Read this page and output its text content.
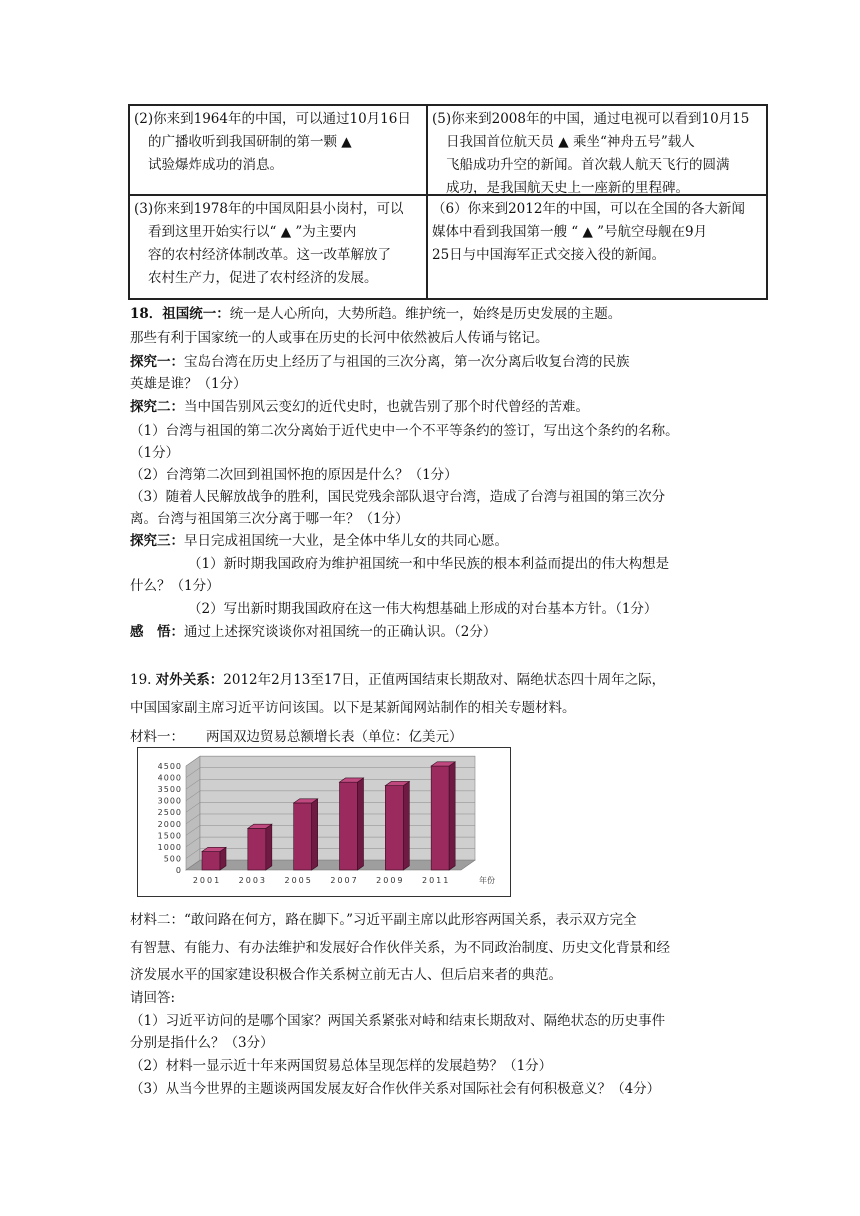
(2)你来到1964年的中国，可以通过10月16日

的广播收听到我国研制的第一颗 ▲

试验爆炸成功的消息。

(5)你来到2008年的中国，通过电视可以看到10月15

日我国首位航天员 ▲ 乘坐“神舟五号”载人

飞船成功升空的新闻。首次载人航天飞行的圆满

成功，是我国航天史上一座新的里程碑。

(3)你来到1978年的中国凤阳县小岗村，可以

看到这里开始实行以“ ▲ ”为主要内

容的农村经济体制改革。这一改革解放了

农村生产力，促进了农村经济的发展。

（6）你来到2012年的中国，可以在全国的各大新闻

媒体中看到我国第一艘 “ ▲ ”号航空母舰在9月

25日与中国海军正式交接入役的新闻。

18．祖国统一：统一是人心所向，大势所趋。维护统一，始终是历史发展的主题。
那些有利于国家统一的人或事在历史的长河中依然被后人传诵与铭记。
探究一：宝岛台湾在历史上经历了与祖国的三次分离，第一次分离后收复台湾的民族
英雄是谁？（1分）
探究二：当中国告别风云变幻的近代史时，也就告别了那个时代曾经的苦难。
（1）台湾与祖国的第二次分离始于近代史中一个不平等条约的签订，写出这个条约的名称。
（1分）
（2）台湾第二次回到祖国怀抱的原因是什么？（1分）
（3）随着人民解放战争的胜利，国民党残余部队退守台湾，造成了台湾与祖国的第三次分
离。台湾与祖国第三次分离于哪一年？（1分）
探究三：早日完成祖国统一大业，是全体中华儿女的共同心愿。
（1）新时期我国政府为维护祖国统一和中华民族的根本利益而提出的伟大构想是
什么？（1分）
（2）写出新时期我国政府在这一伟大构想基础上形成的对台基本方针。（1分）
感　悟：通过上述探究谈谈你对祖国统一的正确认识。（2分）
19. 对外关系：2012年2月13至17日，正值两国结束长期敌对、隔绝状态四十周年之际，
中国国家副主席习近平访问该国。以下是某新闻网站制作的相关专题材料。
材料一： 两国双边贸易总额增长表（单位：亿美元）
4500
4000
3500
3000
2500
2000
1500
1000
500
0
2001 2003 2005 2007 2009 2011	年份
材料二：“敢问路在何方，路在脚下。”习近平副主席以此形容两国关系，表示双方完全
有智慧、有能力、有办法维护和发展好合作伙伴关系，为不同政治制度、历史文化背景和经
济发展水平的国家建设积极合作关系树立前无古人、但后启来者的典范。
请回答:
（1）习近平访问的是哪个国家？两国关系紧张对峙和结束长期敌对、隔绝状态的历史事件
分别是指什么？（3分）
（2）材料一显示近十年来两国贸易总体呈现怎样的发展趋势？（1分）
（3）从当今世界的主题谈两国发展友好合作伙伴关系对国际社会有何积极意义？（4分）
